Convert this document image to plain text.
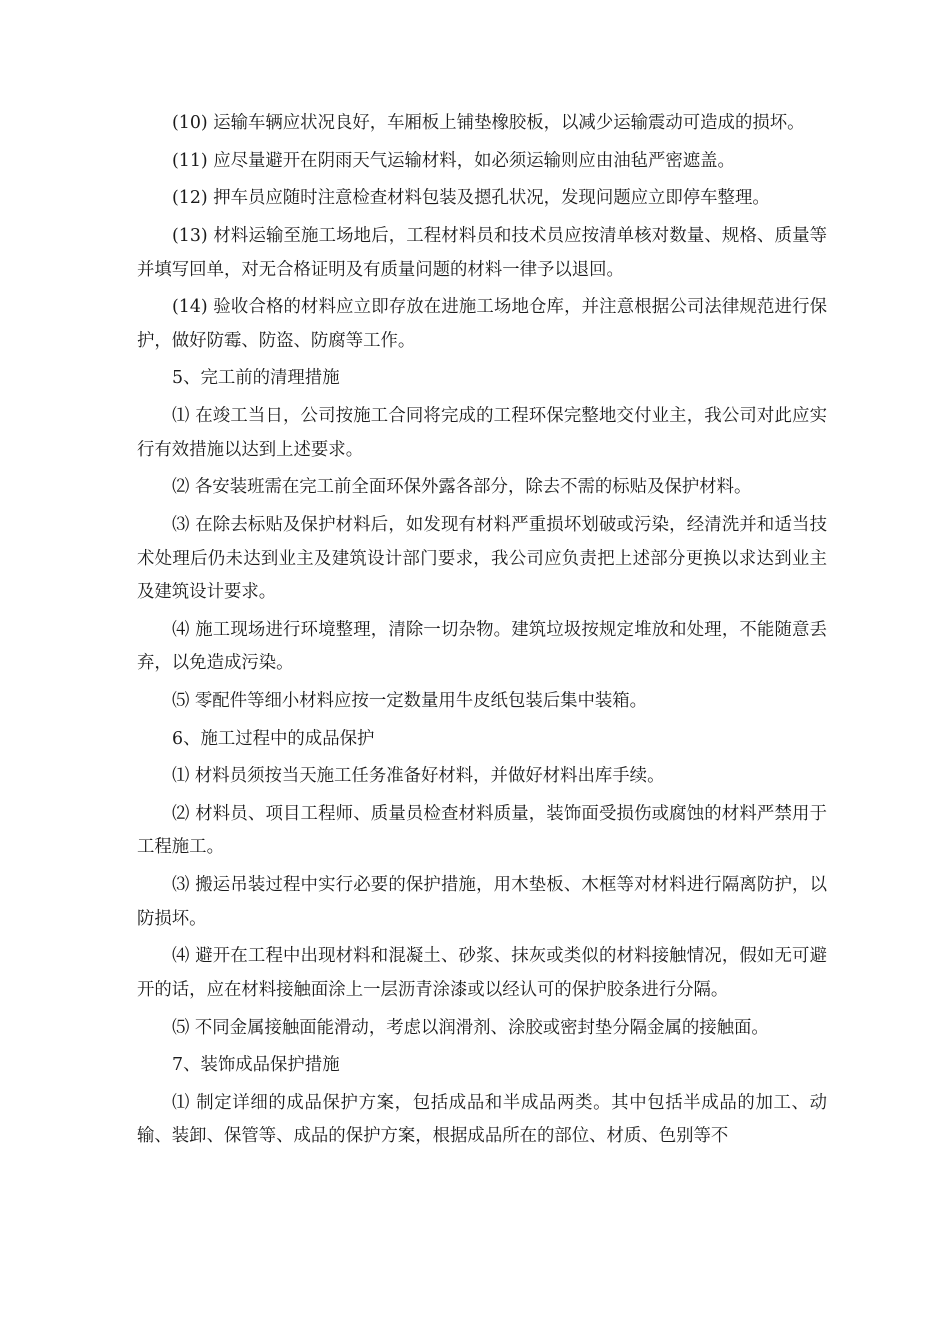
(10) 运输车辆应状况良好，车厢板上铺垫橡胶板，以减少运输震动可造成的损坏。

(11) 应尽量避开在阴雨天气运输材料，如必须运输则应由油毡严密遮盖。

(12) 押车员应随时注意检查材料包装及摁孔状况，发现问题应立即停车整理。

(13) 材料运输至施工场地后，工程材料员和技术员应按清单核对数量、规格、质量等并填写回单，对无合格证明及有质量问题的材料一律予以退回。

(14) 验收合格的材料应立即存放在进施工场地仓库，并注意根据公司法律规范进行保护，做好防霉、防盗、防腐等工作。

5、完工前的清理措施

⑴ 在竣工当日，公司按施工合同将完成的工程环保完整地交付业主，我公司对此应实行有效措施以达到上述要求。

⑵ 各安装班需在完工前全面环保外露各部分，除去不需的标贴及保护材料。

⑶ 在除去标贴及保护材料后，如发现有材料严重损坏划破或污染，经清洗并和适当技术处理后仍未达到业主及建筑设计部门要求，我公司应负责把上述部分更换以求达到业主及建筑设计要求。

⑷ 施工现场进行环境整理，清除一切杂物。建筑垃圾按规定堆放和处理，不能随意丢弃，以免造成污染。

⑸ 零配件等细小材料应按一定数量用牛皮纸包装后集中装箱。

6、施工过程中的成品保护

⑴ 材料员须按当天施工任务准备好材料，并做好材料出库手续。

⑵ 材料员、项目工程师、质量员检查材料质量，装饰面受损伤或腐蚀的材料严禁用于工程施工。

⑶ 搬运吊装过程中实行必要的保护措施，用木垫板、木框等对材料进行隔离防护，以防损坏。

⑷ 避开在工程中出现材料和混凝土、砂浆、抹灰或类似的材料接触情况，假如无可避开的话，应在材料接触面涂上一层沥青涂漆或以经认可的保护胶条进行分隔。

⑸ 不同金属接触面能滑动，考虑以润滑剂、涂胶或密封垫分隔金属的接触面。

7、装饰成品保护措施

⑴ 制定详细的成品保护方案，包括成品和半成品两类。其中包括半成品的加工、动输、装卸、保管等、成品的保护方案，根据成品所在的部位、材质、色别等不
